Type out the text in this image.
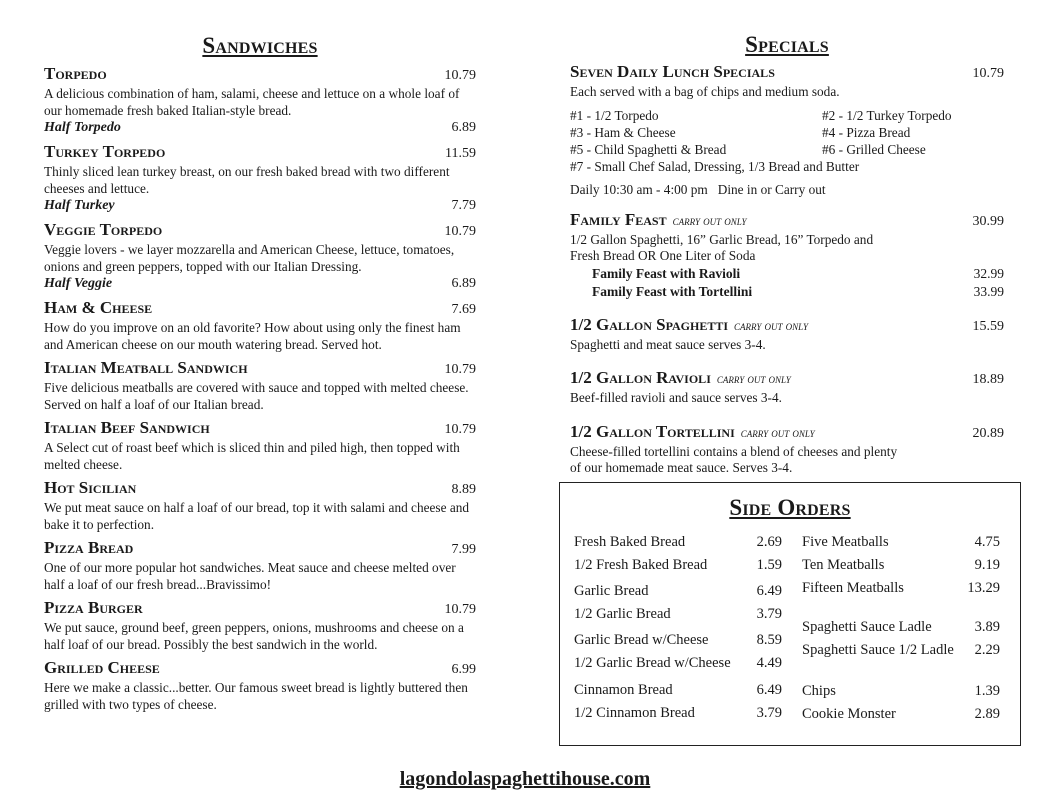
Sandwiches
Torpedo	10.79
A delicious combination of ham, salami, cheese and lettuce on a whole loaf of our homemade fresh baked Italian-style bread.
Half Torpedo	6.89
Turkey Torpedo	11.59
Thinly sliced lean turkey breast, on our fresh baked bread with two different cheeses and lettuce.
Half Turkey	7.79
Veggie Torpedo	10.79
Veggie lovers - we layer mozzarella and American Cheese, lettuce, tomatoes, onions and green peppers, topped with our Italian Dressing.
Half Veggie	6.89
Ham & Cheese	7.69
How do you improve on an old favorite? How about using only the finest ham and American cheese on our mouth watering bread. Served hot.
Italian Meatball Sandwich	10.79
Five delicious meatballs are covered with sauce and topped with melted cheese. Served on half a loaf of our Italian bread.
Italian Beef Sandwich	10.79
A Select cut of roast beef which is sliced thin and piled high, then topped with melted cheese.
Hot Sicilian	8.89
We put meat sauce on half a loaf of our bread, top it with salami and cheese and bake it to perfection.
Pizza Bread	7.99
One of our more popular hot sandwiches. Meat sauce and cheese melted over half a loaf of our fresh bread...Bravissimo!
Pizza Burger	10.79
We put sauce, ground beef, green peppers, onions, mushrooms and cheese on a half loaf of our bread. Possibly the best sandwich in the world.
Grilled Cheese	6.99
Here we make a classic...better. Our famous sweet bread is lightly buttered then grilled with two types of cheese.
Specials
Seven Daily Lunch Specials	10.79
Each served with a bag of chips and medium soda.
#1 - 1/2 Torpedo	#2 - 1/2 Turkey Torpedo
#3 - Ham & Cheese	#4 - Pizza Bread
#5 - Child Spaghetti & Bread	#6 - Grilled Cheese
#7 - Small Chef Salad, Dressing, 1/3 Bread and Butter
Daily 10:30 am - 4:00 pm   Dine in or Carry out
Family Feast carry out only	30.99
1/2 Gallon Spaghetti, 16” Garlic Bread, 16” Torpedo and Fresh Bread OR One Liter of Soda
Family Feast with Ravioli	32.99
Family Feast with Tortellini	33.99
1/2 Gallon Spaghetti carry out only	15.59
Spaghetti and meat sauce serves 3-4.
1/2 Gallon Ravioli carry out only	18.89
Beef-filled ravioli and sauce serves 3-4.
1/2 Gallon Tortellini carry out only	20.89
Cheese-filled tortellini contains a blend of cheeses and plenty of our homemade meat sauce. Serves 3-4.
Side Orders
Fresh Baked Bread	2.69
1/2 Fresh Baked Bread	1.59
Garlic Bread	6.49
1/2 Garlic Bread	3.79
Garlic Bread w/Cheese	8.59
1/2 Garlic Bread w/Cheese 4.49
Cinnamon Bread	6.49
1/2 Cinnamon Bread	3.79
Five Meatballs	4.75
Ten Meatballs	9.19
Fifteen Meatballs	13.29
Spaghetti Sauce Ladle	3.89
Spaghetti Sauce 1/2 Ladle 2.29
Chips	1.39
Cookie Monster	2.89
lagondolaspaghettihouse.com
